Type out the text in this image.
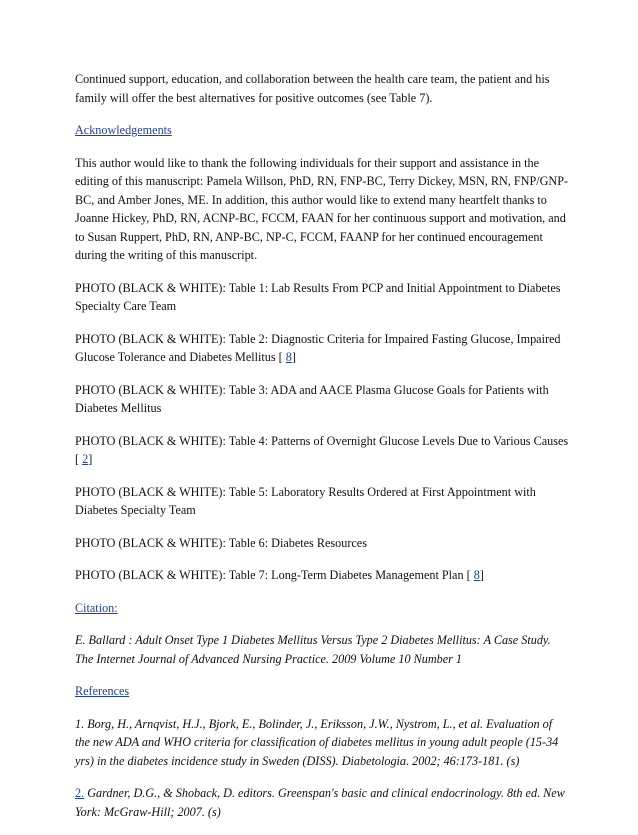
Continued support, education, and collaboration between the health care team, the patient and his family will offer the best alternatives for positive outcomes (see Table 7).

Acknowledgements

This author would like to thank the following individuals for their support and assistance in the editing of this manuscript: Pamela Willson, PhD, RN, FNP-BC, Terry Dickey, MSN, RN, FNP/GNP-BC, and Amber Jones, ME. In addition, this author would like to extend many heartfelt thanks to Joanne Hickey, PhD, RN, ACNP-BC, FCCM, FAAN for her continuous support and motivation, and to Susan Ruppert, PhD, RN, ANP-BC, NP-C, FCCM, FAANP for her continued encouragement during the writing of this manuscript.

PHOTO (BLACK & WHITE): Table 1: Lab Results From PCP and Initial Appointment to Diabetes Specialty Care Team

PHOTO (BLACK & WHITE): Table 2: Diagnostic Criteria for Impaired Fasting Glucose, Impaired Glucose Tolerance and Diabetes Mellitus [ 8]

PHOTO (BLACK & WHITE): Table 3: ADA and AACE Plasma Glucose Goals for Patients with Diabetes Mellitus

PHOTO (BLACK & WHITE): Table 4: Patterns of Overnight Glucose Levels Due to Various Causes [ 2]

PHOTO (BLACK & WHITE): Table 5: Laboratory Results Ordered at First Appointment with Diabetes Specialty Team

PHOTO (BLACK & WHITE): Table 6: Diabetes Resources

PHOTO (BLACK & WHITE): Table 7: Long-Term Diabetes Management Plan [ 8]

Citation:

E. Ballard : Adult Onset Type 1 Diabetes Mellitus Versus Type 2 Diabetes Mellitus: A Case Study. The Internet Journal of Advanced Nursing Practice. 2009 Volume 10 Number 1

References

1. Borg, H., Arnqvist, H.J., Bjork, E., Bolinder, J., Eriksson, J.W., Nystrom, L., et al. Evaluation of the new ADA and WHO criteria for classification of diabetes mellitus in young adult people (15-34 yrs) in the diabetes incidence study in Sweden (DISS). Diabetologia. 2002; 46:173-181. (s)

2. Gardner, D.G., & Shoback, D. editors. Greenspan's basic and clinical endocrinology. 8th ed. New York: McGraw-Hill; 2007. (s)
